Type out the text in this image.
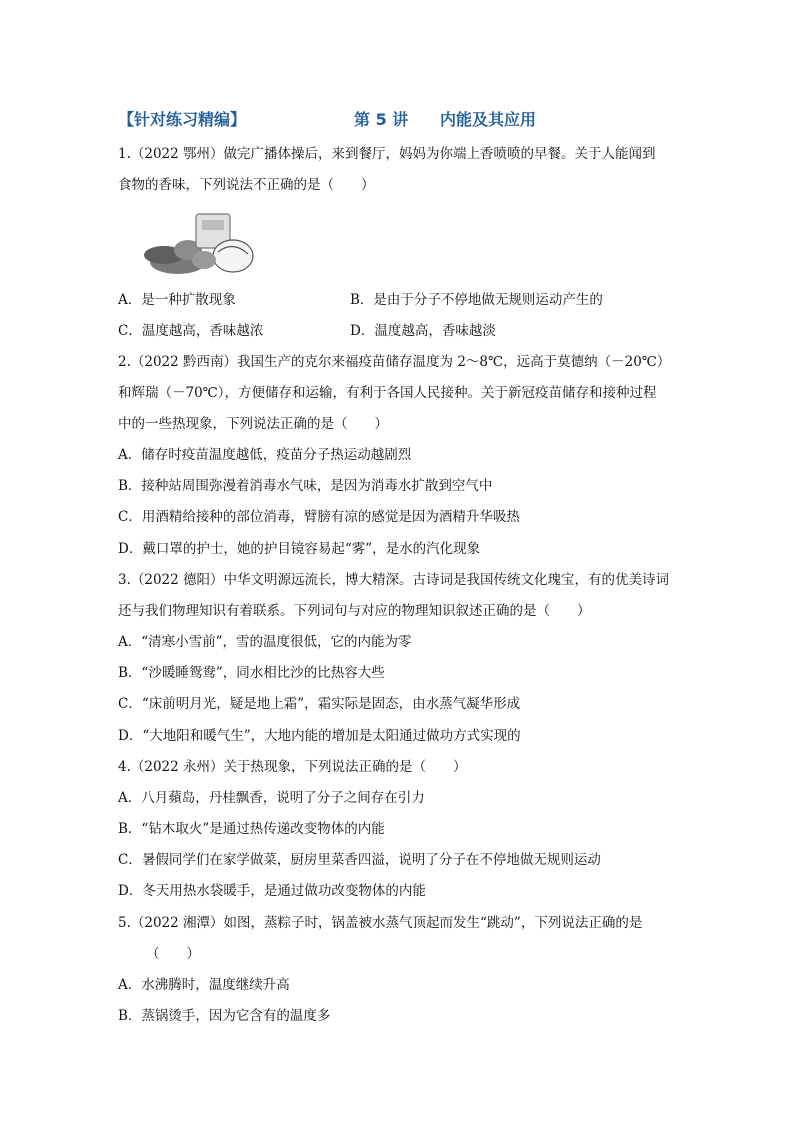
【针对练习精编】	第 5 讲 内能及其应用
1.（2022 鄂州）做完广播体操后，来到餐厅，妈妈为你端上香喷喷的早餐。关于人能闻到
食物的香味，下列说法不正确的是（　　）
A．是一种扩散现象	B．是由于分子不停地做无规则运动产生的
C．温度越高，香味越浓	D．温度越高，香味越淡
2.（2022 黔西南）我国生产的克尔来福疫苗储存温度为 2～8℃，远高于莫德纳（－20℃）
和辉瑞（－70℃），方便储存和运输，有利于各国人民接种。关于新冠疫苗储存和接种过程
中的一些热现象，下列说法正确的是（　　）
A．储存时疫苗温度越低，疫苗分子热运动越剧烈
B．接种站周围弥漫着消毒水气味，是因为消毒水扩散到空气中
C．用酒精给接种的部位消毒，臂膀有凉的感觉是因为酒精升华吸热
D．戴口罩的护士，她的护目镜容易起“雾”，是水的汽化现象
3.（2022 德阳）中华文明源远流长，博大精深。古诗词是我国传统文化瑰宝，有的优美诗词
还与我们物理知识有着联系。下列词句与对应的物理知识叙述正确的是（　　）
A．“清寒小雪前”，雪的温度很低，它的内能为零
B．“沙暖睡鸳鸯”，同水相比沙的比热容大些
C．“床前明月光，疑是地上霜”，霜实际是固态，由水蒸气凝华形成
D．“大地阳和暖气生”，大地内能的增加是太阳通过做功方式实现的
4.（2022 永州）关于热现象，下列说法正确的是（　　）
A．八月蘋岛，丹桂飘香，说明了分子之间存在引力
B．“钻木取火”是通过热传递改变物体的内能
C．暑假同学们在家学做菜，厨房里菜香四溢，说明了分子在不停地做无规则运动
D．冬天用热水袋暖手，是通过做功改变物体的内能
5.（2022 湘潭）如图，蒸粽子时，锅盖被水蒸气顶起而发生“跳动”，下列说法正确的是
（　　）
A．水沸腾时，温度继续升高
B．蒸锅烫手，因为它含有的温度多
